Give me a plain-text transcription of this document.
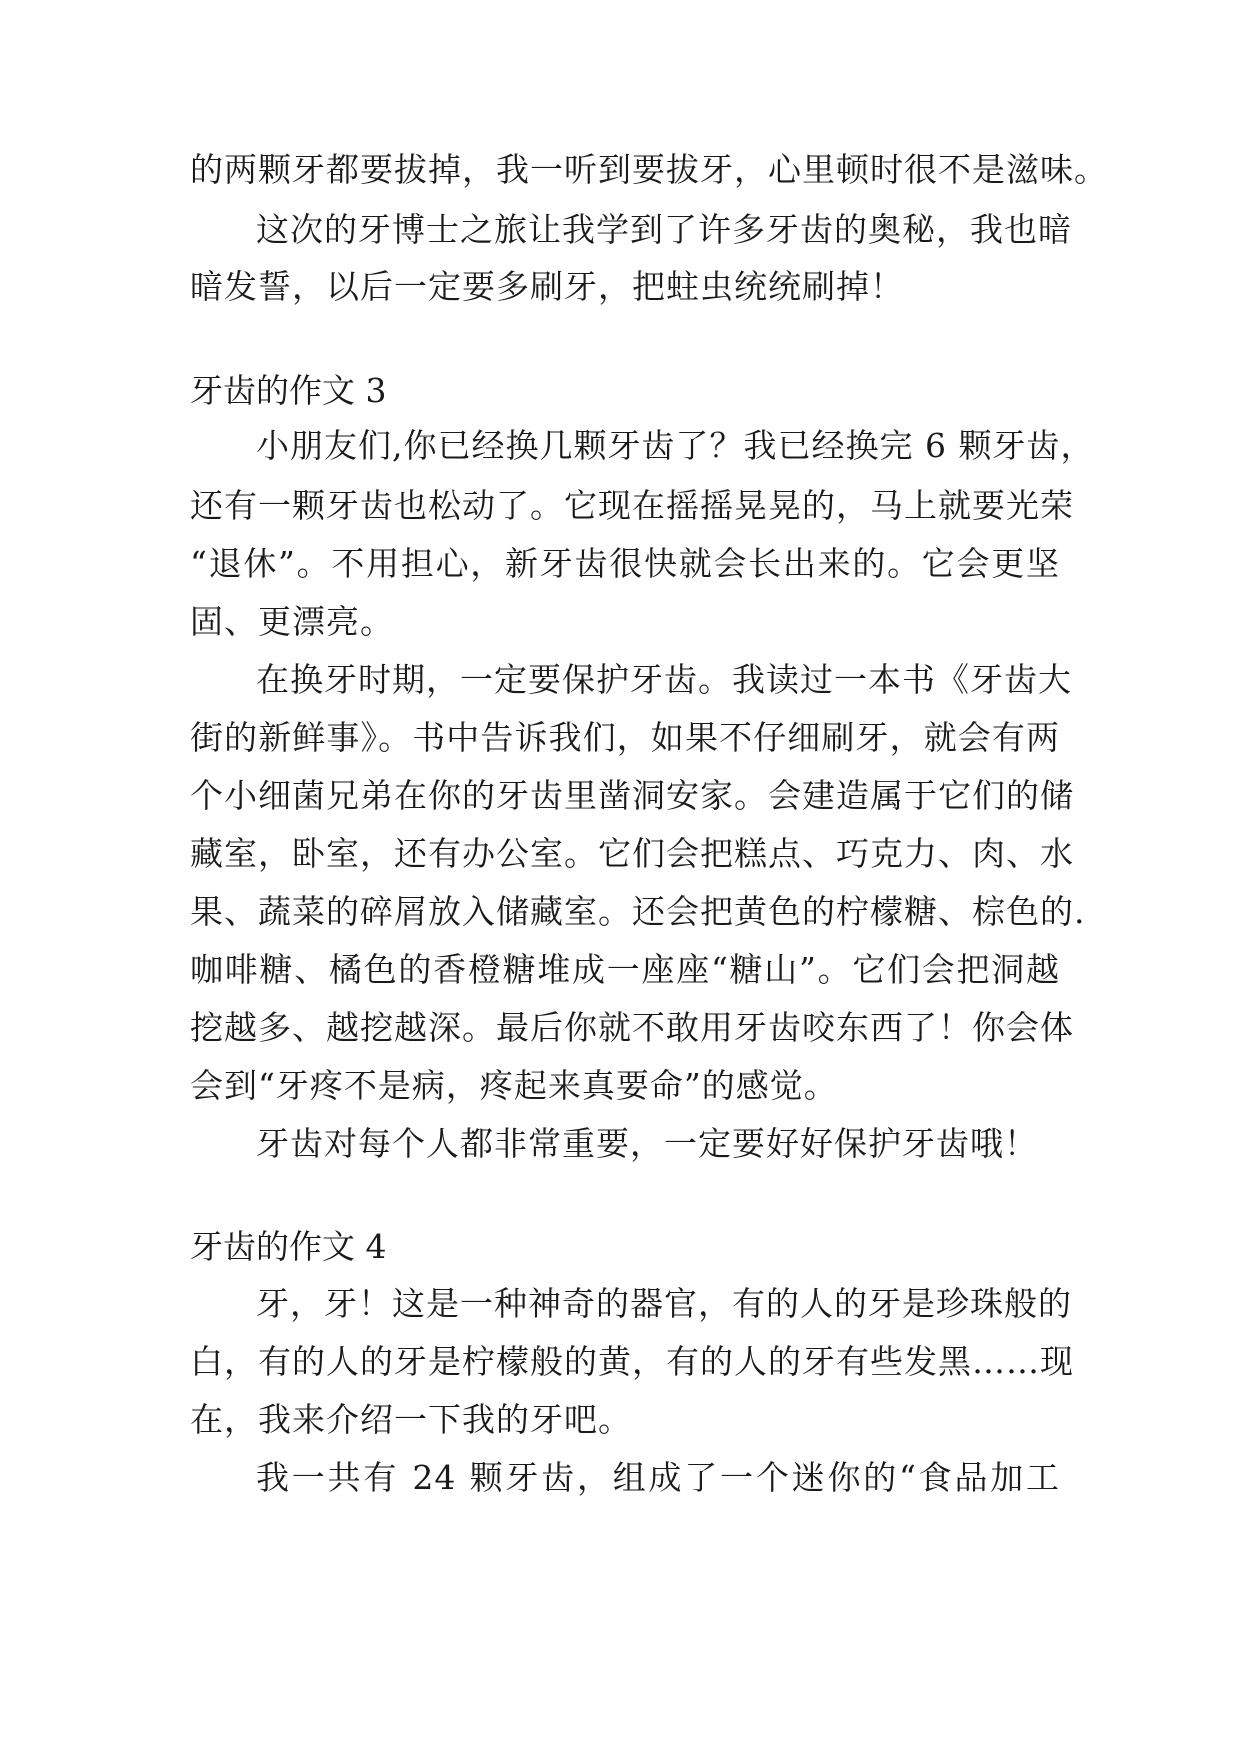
的两颗牙都要拔掉，我一听到要拔牙，心里顿时很不是滋味。
这次的牙博士之旅让我学到了许多牙齿的奥秘，我也暗
暗发誓，以后一定要多刷牙，把蛀虫统统刷掉！
牙齿的作文 3
小朋友们,你已经换几颗牙齿了？我已经换完 6 颗牙齿，
还有一颗牙齿也松动了。它现在摇摇晃晃的，马上就要光荣
“退休”。不用担心，新牙齿很快就会长出来的。它会更坚
固、更漂亮。
在换牙时期，一定要保护牙齿。我读过一本书《牙齿大
街的新鲜事》。书中告诉我们，如果不仔细刷牙，就会有两
个小细菌兄弟在你的牙齿里凿洞安家。会建造属于它们的储
藏室，卧室，还有办公室。它们会把糕点、巧克力、肉、水
果、蔬菜的碎屑放入储藏室。还会把黄色的柠檬糖、棕色的.
咖啡糖、橘色的香橙糖堆成一座座“糖山”。它们会把洞越
挖越多、越挖越深。最后你就不敢用牙齿咬东西了！你会体
会到“牙疼不是病，疼起来真要命”的感觉。
牙齿对每个人都非常重要，一定要好好保护牙齿哦！
牙齿的作文 4
牙，牙！这是一种神奇的器官，有的人的牙是珍珠般的
白，有的人的牙是柠檬般的黄，有的人的牙有些发黑……现
在，我来介绍一下我的牙吧。
我一共有 24 颗牙齿，组成了一个迷你的“食品加工
